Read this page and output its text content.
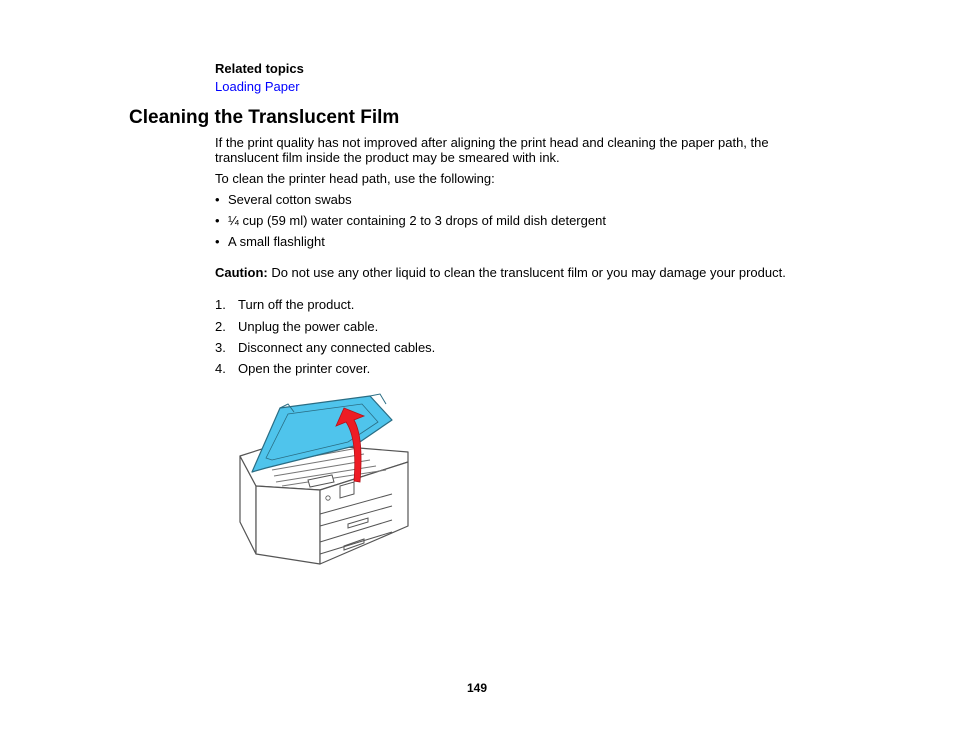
Related topics
Loading Paper
Cleaning the Translucent Film
If the print quality has not improved after aligning the print head and cleaning the paper path, the translucent film inside the product may be smeared with ink.
To clean the printer head path, use the following:
• Several cotton swabs
• ¼ cup (59 ml) water containing 2 to 3 drops of mild dish detergent
• A small flashlight
Caution: Do not use any other liquid to clean the translucent film or you may damage your product.
1. Turn off the product.
2. Unplug the power cable.
3. Disconnect any connected cables.
4. Open the printer cover.
149
